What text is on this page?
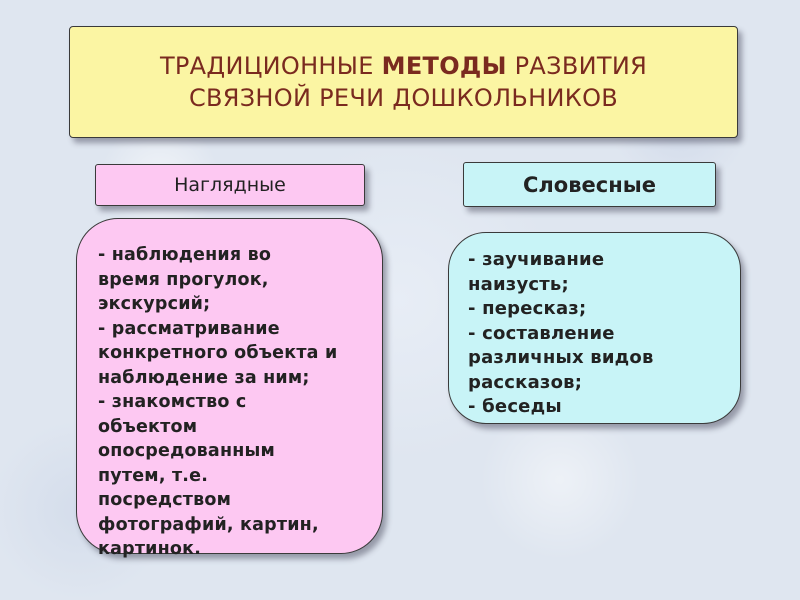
ТРАДИЦИОННЫЕ МЕТОДЫ РАЗВИТИЯ
СВЯЗНОЙ РЕЧИ ДОШКОЛЬНИКОВ
Наглядные	Словесные
- наблюдения во
время прогулок,
экскурсий;
- рассматривание
конкретного объекта и
наблюдение за ним;
- знакомство с
объектом
опосредованным
путем, т.е.
посредством
фотографий, картин,
картинок.
- заучивание
наизусть;
- пересказ;
- составление
различных видов
рассказов;
- беседы
